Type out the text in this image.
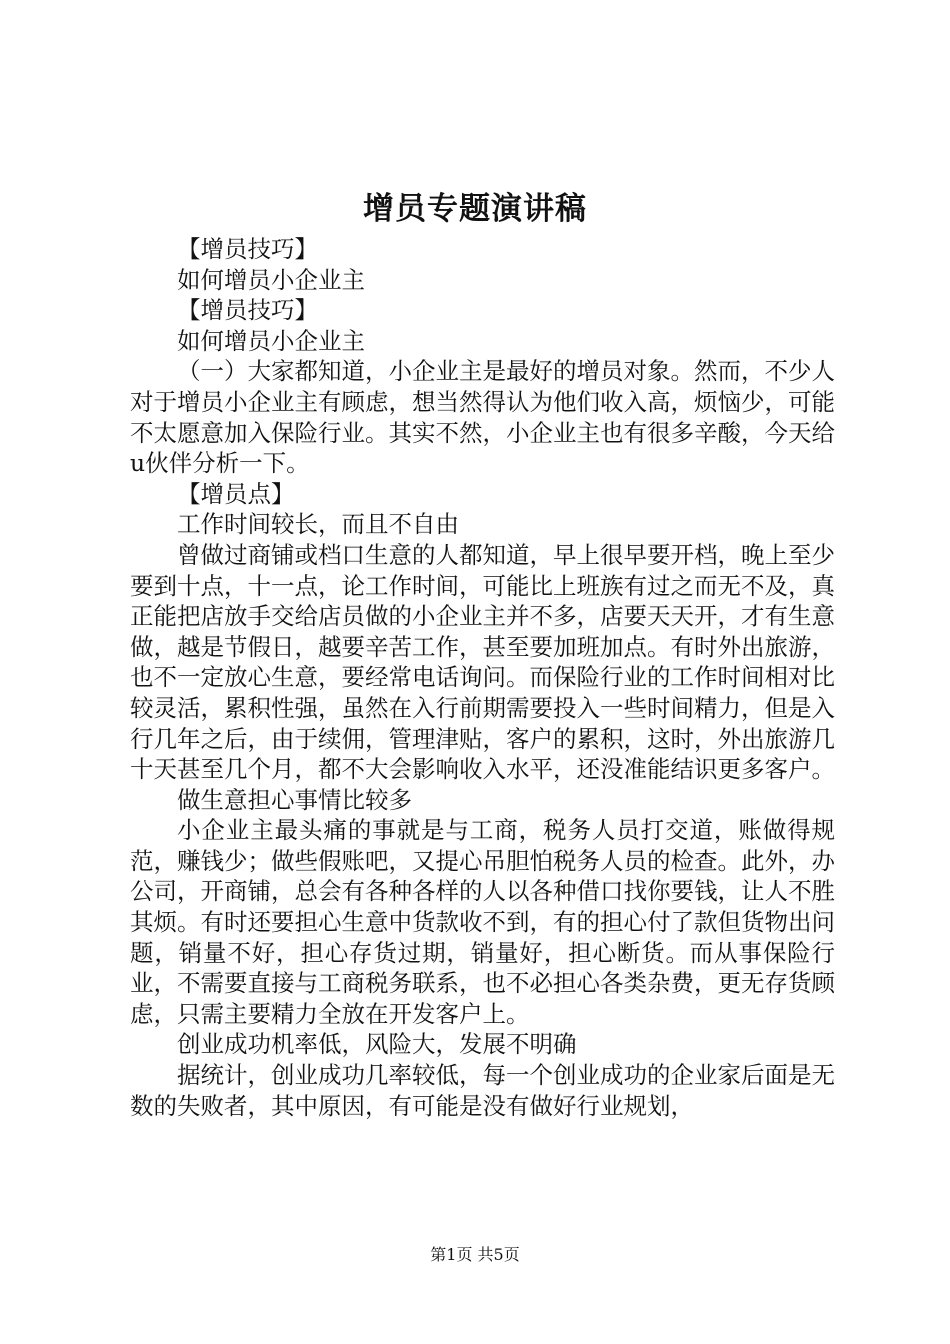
增员专题演讲稿

【增员技巧】

如何增员小企业主

【增员技巧】

如何增员小企业主

（一）大家都知道，小企业主是最好的增员对象。然而，不少人对于增员小企业主有顾虑，想当然得认为他们收入高，烦恼少，可能不太愿意加入保险行业。其实不然，小企业主也有很多辛酸，今天给u伙伴分析一下。

【增员点】

工作时间较长，而且不自由

曾做过商铺或档口生意的人都知道，早上很早要开档，晚上至少要到十点，十一点，论工作时间，可能比上班族有过之而无不及，真正能把店放手交给店员做的小企业主并不多，店要天天开，才有生意做，越是节假日，越要辛苦工作，甚至要加班加点。有时外出旅游，也不一定放心生意，要经常电话询问。而保险行业的工作时间相对比较灵活，累积性强，虽然在入行前期需要投入一些时间精力，但是入行几年之后，由于续佣，管理津贴，客户的累积，这时，外出旅游几十天甚至几个月，都不大会影响收入水平，还没准能结识更多客户。

做生意担心事情比较多

小企业主最头痛的事就是与工商，税务人员打交道，账做得规范，赚钱少；做些假账吧，又提心吊胆怕税务人员的检查。此外，办公司，开商铺，总会有各种各样的人以各种借口找你要钱，让人不胜其烦。有时还要担心生意中货款收不到，有的担心付了款但货物出问题，销量不好，担心存货过期，销量好，担心断货。而从事保险行业，不需要直接与工商税务联系，也不必担心各类杂费，更无存货顾虑，只需主要精力全放在开发客户上。

创业成功机率低，风险大，发展不明确

据统计，创业成功几率较低，每一个创业成功的企业家后面是无数的失败者，其中原因，有可能是没有做好行业规划，

第1页 共5页
